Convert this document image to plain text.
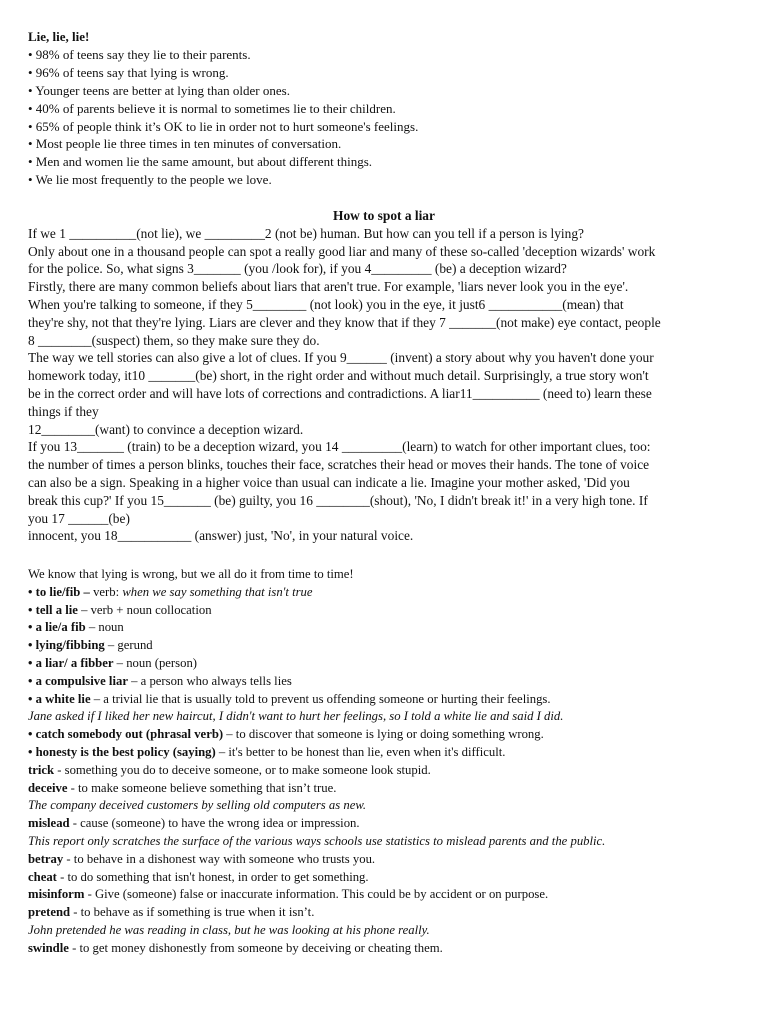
Lie, lie, lie!

• 98% of teens say they lie to their parents.

• 96% of teens say that lying is wrong.

• Younger teens are better at lying than older ones.

• 40% of parents believe it is normal to sometimes lie to their children.

• 65% of people think it’s OK to lie in order not to hurt someone's feelings.

• Most people lie three times in ten minutes of conversation.

• Men and women lie the same amount, but about different things.

• We lie most frequently to the people we love.

How to spot a liar

If we 1 __________(not lie), we _________2 (not be) human. But how can you tell if a person is lying?

Only about one in a thousand people can spot a really good liar and many of these so-called 'deception wizards' work

for the police. So, what signs 3_______ (you /look for), if you 4_________ (be) a deception wizard?

Firstly, there are many common beliefs about liars that aren't true. For example, 'liars never look you in the eye'.

When you're talking to someone, if they 5________ (not look) you in the eye, it just6 ___________(mean) that

they're shy, not that they're lying. Liars are clever and they know that if they 7 _______(not make) eye contact, people

8 ________(suspect) them, so they make sure they do.

The way we tell stories can also give a lot of clues. If you 9______ (invent) a story about why you haven't done your

homework today, it10 _______(be) short, in the right order and without much detail. Surprisingly, a true story won't

be in the correct order and will have lots of corrections and contradictions. A liar11__________ (need to) learn these

things if they

12________(want) to convince a deception wizard.

If you 13_______ (train) to be a deception wizard, you 14 _________(learn) to watch for other important clues, too:

the number of times a person blinks, touches their face, scratches their head or moves their hands. The tone of voice

can also be a sign. Speaking in a higher voice than usual can indicate a lie. Imagine your mother asked, 'Did you

break this cup?' If you 15_______ (be) guilty, you 16 ________(shout), 'No, I didn't break it!' in a very high tone. If

you 17 ______(be)

innocent, you 18___________ (answer) just, 'No', in your natural voice.

We know that lying is wrong, but we all do it from time to time!

• to lie/fib – verb: when we say something that isn't true

• tell a lie – verb + noun collocation

• a lie/a fib – noun

• lying/fibbing – gerund

• a liar/ a fibber – noun (person)

• a compulsive liar – a person who always tells lies

• a white lie – a trivial lie that is usually told to prevent us offending someone or hurting their feelings.

Jane asked if I liked her new haircut, I didn't want to hurt her feelings, so I told a white lie and said I did.

• catch somebody out (phrasal verb) – to discover that someone is lying or doing something wrong.

• honesty is the best policy (saying) – it's better to be honest than lie, even when it's difficult.

trick - something you do to deceive someone, or to make someone look stupid.

deceive - to make someone believe something that isn’t true.

The company deceived customers by selling old computers as new.

mislead - cause (someone) to have the wrong idea or impression.

This report only scratches the surface of the various ways schools use statistics to mislead parents and the public.

betray - to behave in a dishonest way with someone who trusts you.

cheat - to do something that isn't honest, in order to get something.

misinform - Give (someone) false or inaccurate information. This could be by accident or on purpose.

pretend - to behave as if something is true when it isn’t.

John pretended he was reading in class, but he was looking at his phone really.

swindle - to get money dishonestly from someone by deceiving or cheating them.
